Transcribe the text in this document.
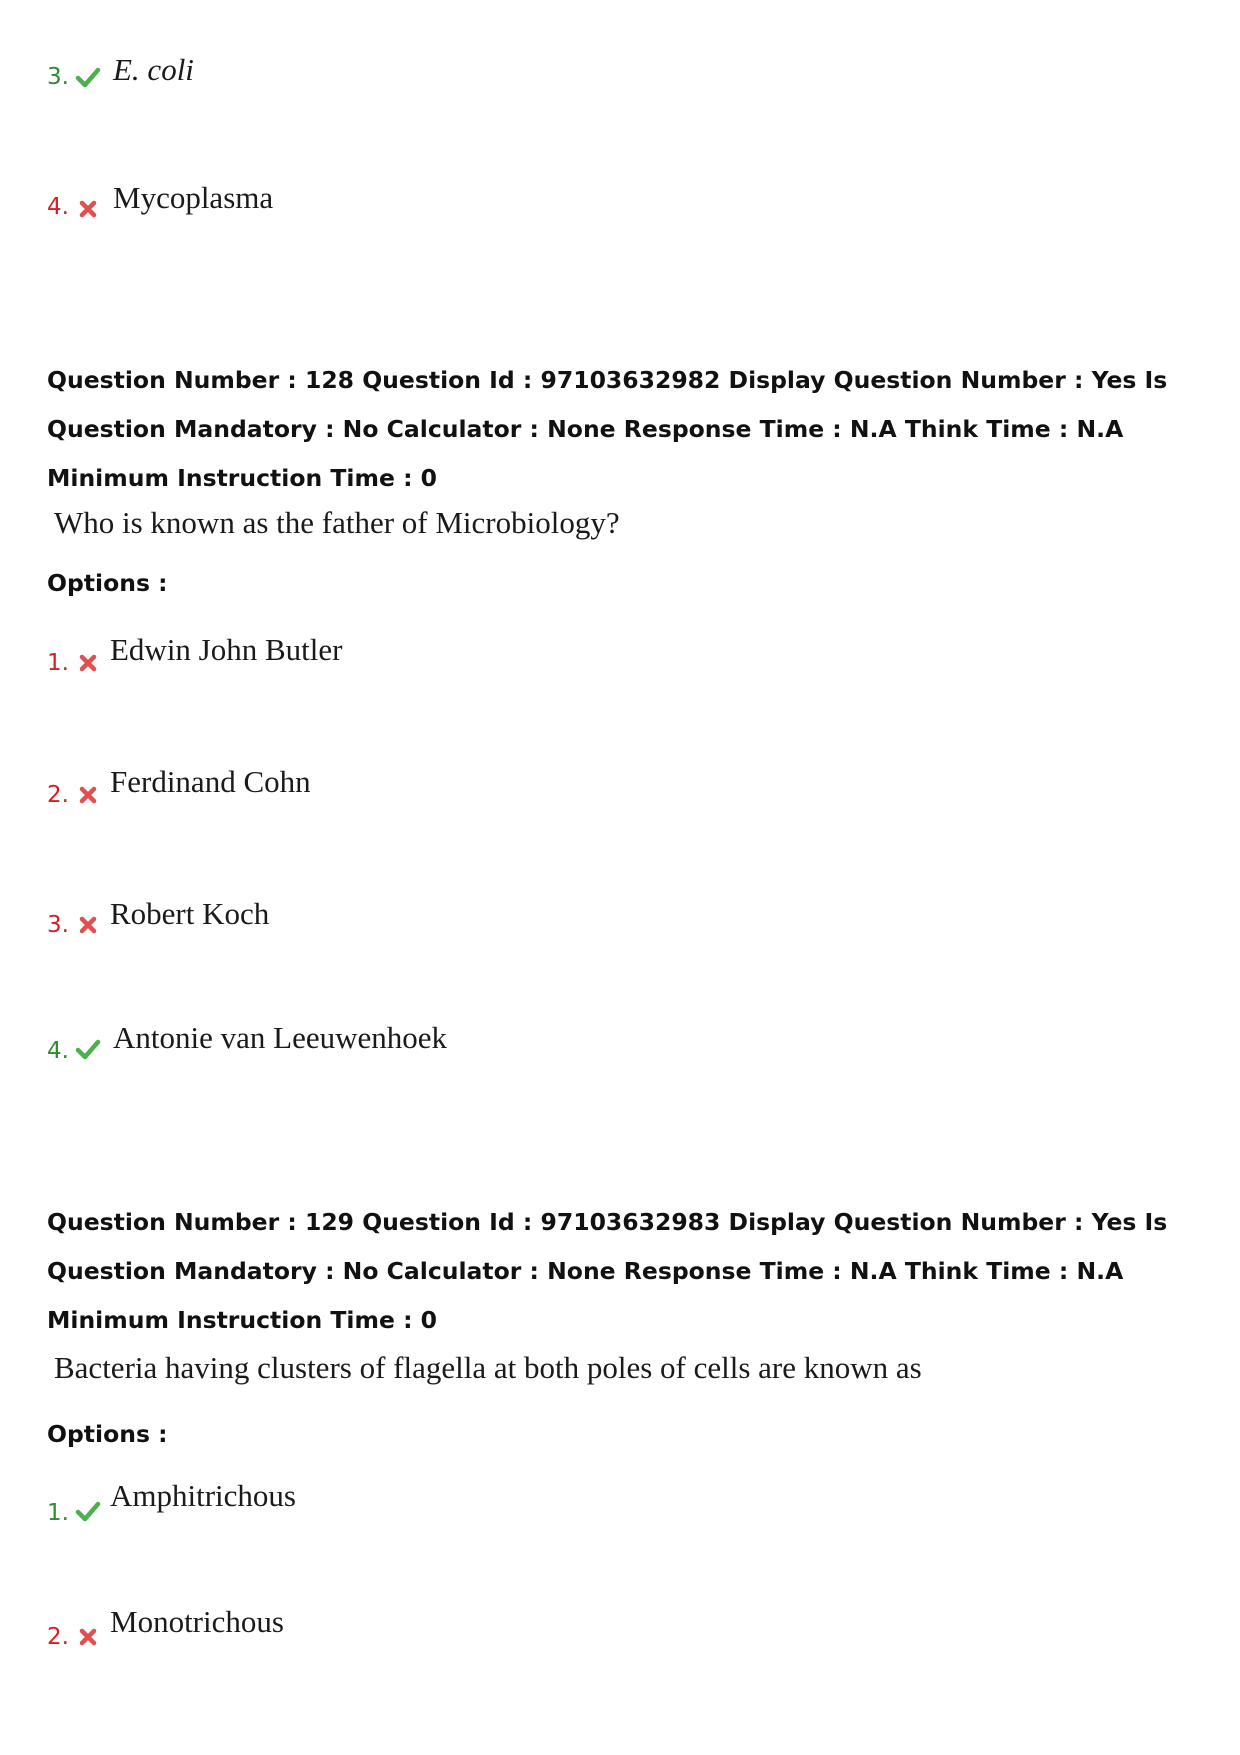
3. E. coli
4. Mycoplasma
Question Number : 128 Question Id : 97103632982 Display Question Number : Yes Is Question Mandatory : No Calculator : None Response Time : N.A Think Time : N.A Minimum Instruction Time : 0
Who is known as the father of Microbiology?
Options :
1. Edwin John Butler
2. Ferdinand Cohn
3. Robert Koch
4. Antonie van Leeuwenhoek
Question Number : 129 Question Id : 97103632983 Display Question Number : Yes Is Question Mandatory : No Calculator : None Response Time : N.A Think Time : N.A Minimum Instruction Time : 0
Bacteria having clusters of flagella at both poles of cells are known as
Options :
1. Amphitrichous
2. Monotrichous
